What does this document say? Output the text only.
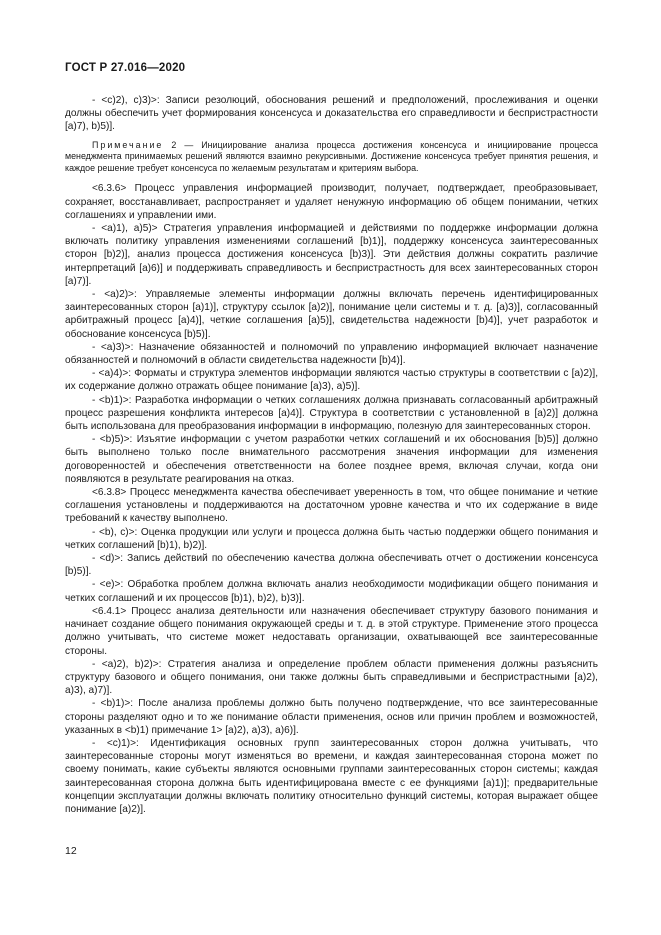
ГОСТ Р 27.016—2020

- <c)2), c)3)>: Записи резолюций, обоснования решений и предположений, прослеживания и оценки должны обеспечить учет формирования консенсуса и доказательства его справедливости и беспристрастности [a)7), b)5)].

Примечание 2 — Инициирование анализа процесса достижения консенсуса и инициирование процесса менеджмента принимаемых решений являются взаимно рекурсивными. Достижение консенсуса требует принятия решения, и каждое решение требует консенсуса по желаемым результатам и критериям выбора.

<6.3.6> Процесс управления информацией производит, получает, подтверждает, преобразовывает, сохраняет, восстанавливает, распространяет и удаляет ненужную информацию об общем понимании, четких соглашениях и управлении ими.

- <a)1), a)5)> Стратегия управления информацией и действиями по поддержке информации должна включать политику управления изменениями соглашений [b)1)], поддержку консенсуса заинтересованных сторон [b)2)], анализ процесса достижения консенсуса [b)3)]. Эти действия должны сократить различие интерпретаций [a)6)] и поддерживать справедливость и беспристрастность для всех заинтересованных сторон [a)7)].

- <a)2)>: Управляемые элементы информации должны включать перечень идентифицированных заинтересованных сторон [a)1)], структуру ссылок [a)2)], понимание цели системы и т. д. [a)3)], согласованный арбитражный процесс [a)4)], четкие соглашения [a)5)], свидетельства надежности [b)4)], учет разработок и обоснование консенсуса [b)5)].

- <a)3)>: Назначение обязанностей и полномочий по управлению информацией включает назначение обязанностей и полномочий в области свидетельства надежности [b)4)].

- <a)4)>: Форматы и структура элементов информации являются частью структуры в соответствии с [a)2)], их содержание должно отражать общее понимание [a)3), a)5)].

- <b)1)>: Разработка информации о четких соглашениях должна признавать согласованный арбитражный процесс разрешения конфликта интересов [a)4)]. Структура в соответствии с установленной в [a)2)] должна быть использована для преобразования информации в информацию, полезную для заинтересованных сторон.

- <b)5)>: Изъятие информации с учетом разработки четких соглашений и их обоснования [b)5)] должно быть выполнено только после внимательного рассмотрения значения информации для изменения договоренностей и обеспечения ответственности на более позднее время, включая случаи, когда они появляются в результате реагирования на отказ.

<6.3.8> Процесс менеджмента качества обеспечивает уверенность в том, что общее понимание и четкие соглашения установлены и поддерживаются на достаточном уровне качества и что их содержание в виде требований к качеству выполнено.

- <b), c)>: Оценка продукции или услуги и процесса должна быть частью поддержки общего понимания и четких соглашений [b)1), b)2)].

- <d)>: Запись действий по обеспечению качества должна обеспечивать отчет о достижении консенсуса [b)5)].

- <e)>: Обработка проблем должна включать анализ необходимости модификации общего понимания и четких соглашений и их процессов [b)1), b)2), b)3)].

<6.4.1> Процесс анализа деятельности или назначения обеспечивает структуру базового понимания и начинает создание общего понимания окружающей среды и т. д. в этой структуре. Применение этого процесса должно учитывать, что системе может недоставать организации, охватывающей все заинтересованные стороны.

- <a)2), b)2)>: Стратегия анализа и определение проблем области применения должны разъяснить структуру базового и общего понимания, они также должны быть справедливыми и беспристрастными [a)2), a)3), a)7)].

- <b)1)>: После анализа проблемы должно быть получено подтверждение, что все заинтересованные стороны разделяют одно и то же понимание области применения, основ или причин проблем и возможностей, указанных в <b)1) примечание 1> [a)2), a)3), a)6)].

- <c)1)>: Идентификация основных групп заинтересованных сторон должна учитывать, что заинтересованные стороны могут изменяться во времени, и каждая заинтересованная сторона может по своему понимать, какие субъекты являются основными группами заинтересованных сторон системы; каждая заинтересованная сторона должна быть идентифицирована вместе с ее функциями [a)1)]; предварительные концепции эксплуатации должны включать политику относительно функций системы, которая выражает общее понимание [a)2)].

12
